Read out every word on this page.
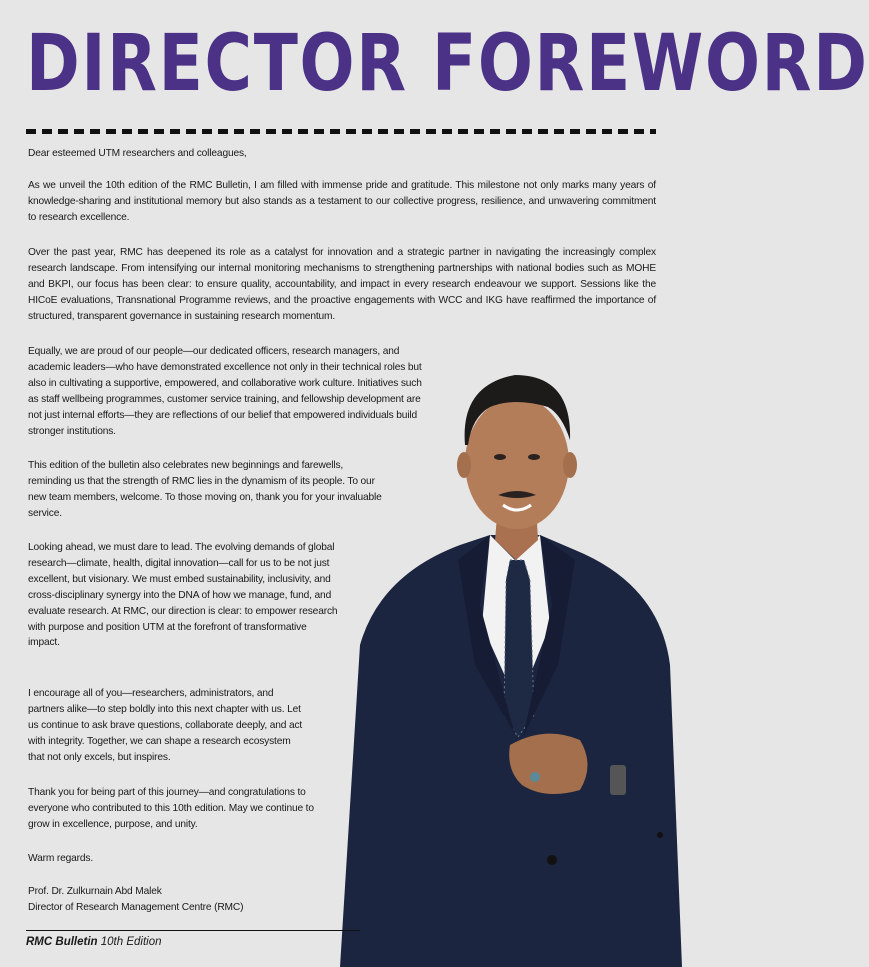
DIRECTOR FOREWORD

Dear esteemed UTM researchers and colleagues,

As we unveil the 10th edition of the RMC Bulletin, I am filled with immense pride and gratitude. This milestone not only marks many years of knowledge-sharing and institutional memory but also stands as a testament to our collective progress, resilience, and unwavering commitment to research excellence.

Over the past year, RMC has deepened its role as a catalyst for innovation and a strategic partner in navigating the increasingly complex research landscape. From intensifying our internal monitoring mechanisms to strengthening partnerships with national bodies such as MOHE and BKPI, our focus has been clear: to ensure quality, accountability, and impact in every research endeavour we support. Sessions like the HICoE evaluations, Transnational Programme reviews, and the proactive engagements with WCC and IKG have reaffirmed the importance of structured, transparent governance in sustaining research momentum.

Equally, we are proud of our people—our dedicated officers, research managers, and academic leaders—who have demonstrated excellence not only in their technical roles but also in cultivating a supportive, empowered, and collaborative work culture. Initiatives such as staff wellbeing programmes, customer service training, and fellowship development are not just internal efforts—they are reflections of our belief that empowered individuals build stronger institutions.

This edition of the bulletin also celebrates new beginnings and farewells, reminding us that the strength of RMC lies in the dynamism of its people. To our new team members, welcome. To those moving on, thank you for your invaluable service.

Looking ahead, we must dare to lead. The evolving demands of global research—climate, health, digital innovation—call for us to be not just excellent, but visionary. We must embed sustainability, inclusivity, and cross-disciplinary synergy into the DNA of how we manage, fund, and evaluate research. At RMC, our direction is clear: to empower research with purpose and position UTM at the forefront of transformative impact.

I encourage all of you—researchers, administrators, and partners alike—to step boldly into this next chapter with us. Let us continue to ask brave questions, collaborate deeply, and act with integrity. Together, we can shape a research ecosystem that not only excels, but inspires.

Thank you for being part of this journey—and congratulations to everyone who contributed to this 10th edition. May we continue to grow in excellence, purpose, and unity.

Warm regards.

Prof. Dr. Zulkurnain Abd Malek

Director of Research Management Centre (RMC)

RMC Bulletin 10th Edition
